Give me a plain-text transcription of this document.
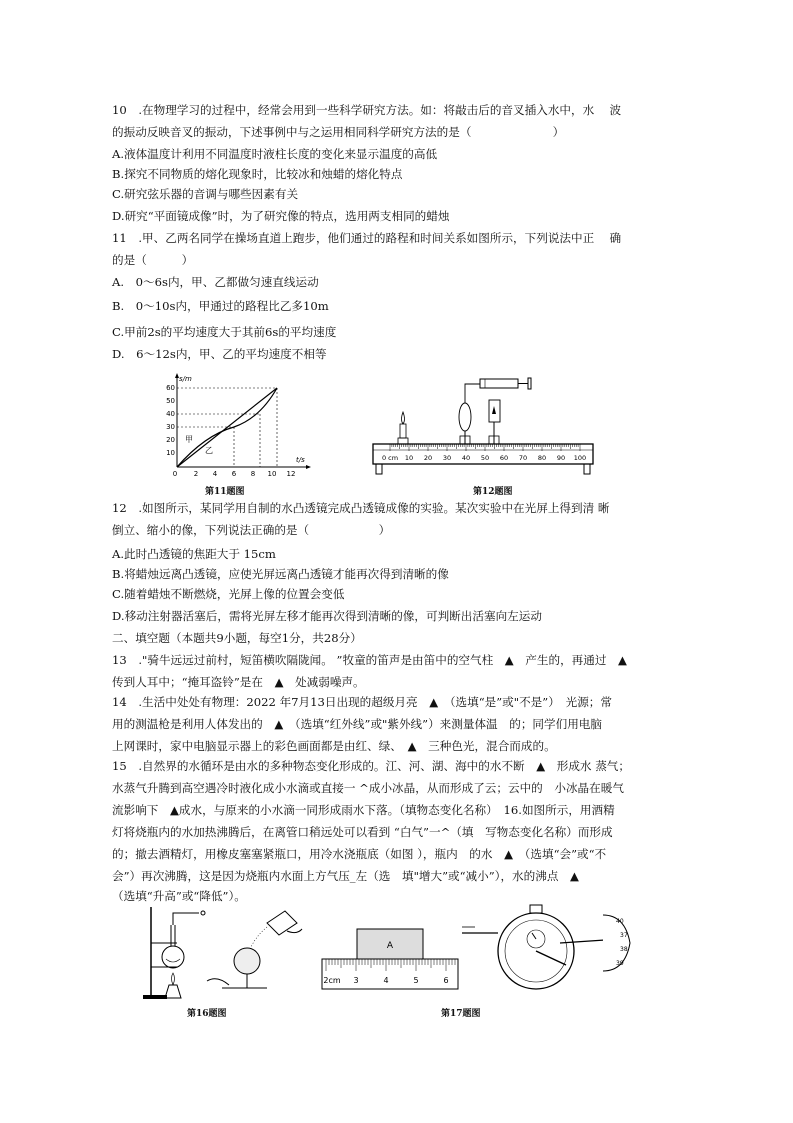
10　.在物理学习的过程中，经常会用到一些科学研究方法。如：将敲击后的音叉插入水中，水　 波
的振动反映音叉的振动，下述事例中与之运用相同科学研究方法的是（　　　　　　　）
A.液体温度计利用不同温度时液柱长度的变化来显示温度的高低
B.探究不同物质的熔化现象时，比较冰和烛蜡的熔化特点
C.研究弦乐器的音调与哪些因素有关
D.研究“平面镜成像”时，为了研究像的特点，选用两支相同的蜡烛
11　.甲、乙两名同学在操场直道上跑步，他们通过的路程和时间关系如图所示，下列说法中正　 确
的是（　　　）
A.　0～6s内，甲、乙都做匀速直线运动
B.　0～10s内，甲通过的路程比乙多10m
C.甲前2s的平均速度大于其前6s的平均速度
D.　6～12s内，甲、乙的平均速度不相等
12　.如图所示，某同学用自制的水凸透镜完成凸透镜成像的实验。某次实验中在光屏上得到清 晰
倒立、缩小的像，下列说法正确的是（　　　　　　）
A.此时凸透镜的焦距大于 15cm
B.将蜡烛远离凸透镜，应使光屏远离凸透镜才能再次得到清晰的像
C.随着蜡烛不断燃烧，光屏上像的位置会变低
D.移动注射器活塞后，需将光屏左移才能再次得到清晰的像，可判断出活塞向左运动
二、填空题（本题共9小题，每空1分，共28分）
13　."骑牛远远过前村，短笛横吹隔陇闻。 ”牧童的笛声是由笛中的空气柱　▲　产生的，再通过　▲
传到人耳中；“掩耳盗铃”是在　▲　处减弱噪声。
14　.生活中处处有物理：2022 年7月13日出现的超级月亮　▲　（选填“是”或"不是”）　光源；常
用的测温枪是利用人体发出的　▲　（选填“红外线”或"紫外线”）来测量体温　的；同学们用电脑
上网课时，家中电脑显示器上的彩色画面都是由红、绿、　▲　三种色光，混合而成的。
15　.自然界的水循环是由水的多种物态变化形成的。江、河、湖、海中的水不断　▲　形成水 蒸气；
水蒸气升腾到高空遇冷时液化成小水滴或直接一 ^成小冰晶，从而形成了云；云中的　小冰晶在暖气
流影响下　▲成水，与原来的小水滴一同形成雨水下落。（填物态变化名称）　16.如图所示，用酒精
灯将烧瓶内的水加热沸腾后，在离管口稍远处可以看到 “白气”一^（填　写物态变化名称）而形成
的；撤去酒精灯，用橡皮塞塞紧瓶口，用冷水浇瓶底（如图 ），瓶内　的水　▲　（选填“会”或“不
会”）再次沸腾，这是因为烧瓶内水面上方气压_左（选　填"增大”或“减小”），水的沸点　▲
（选填“升高”或“降低”）。
s/m
t/s
60
50
40
30
20
10
0 2 4 6 8 10 12
甲
乙
第11题图
0 cm 10 20 30 40 50 60 70 80 90 100
第12题图
第16题图
A
2cm 3	4	5	6
40
37
38
39
第17题图
